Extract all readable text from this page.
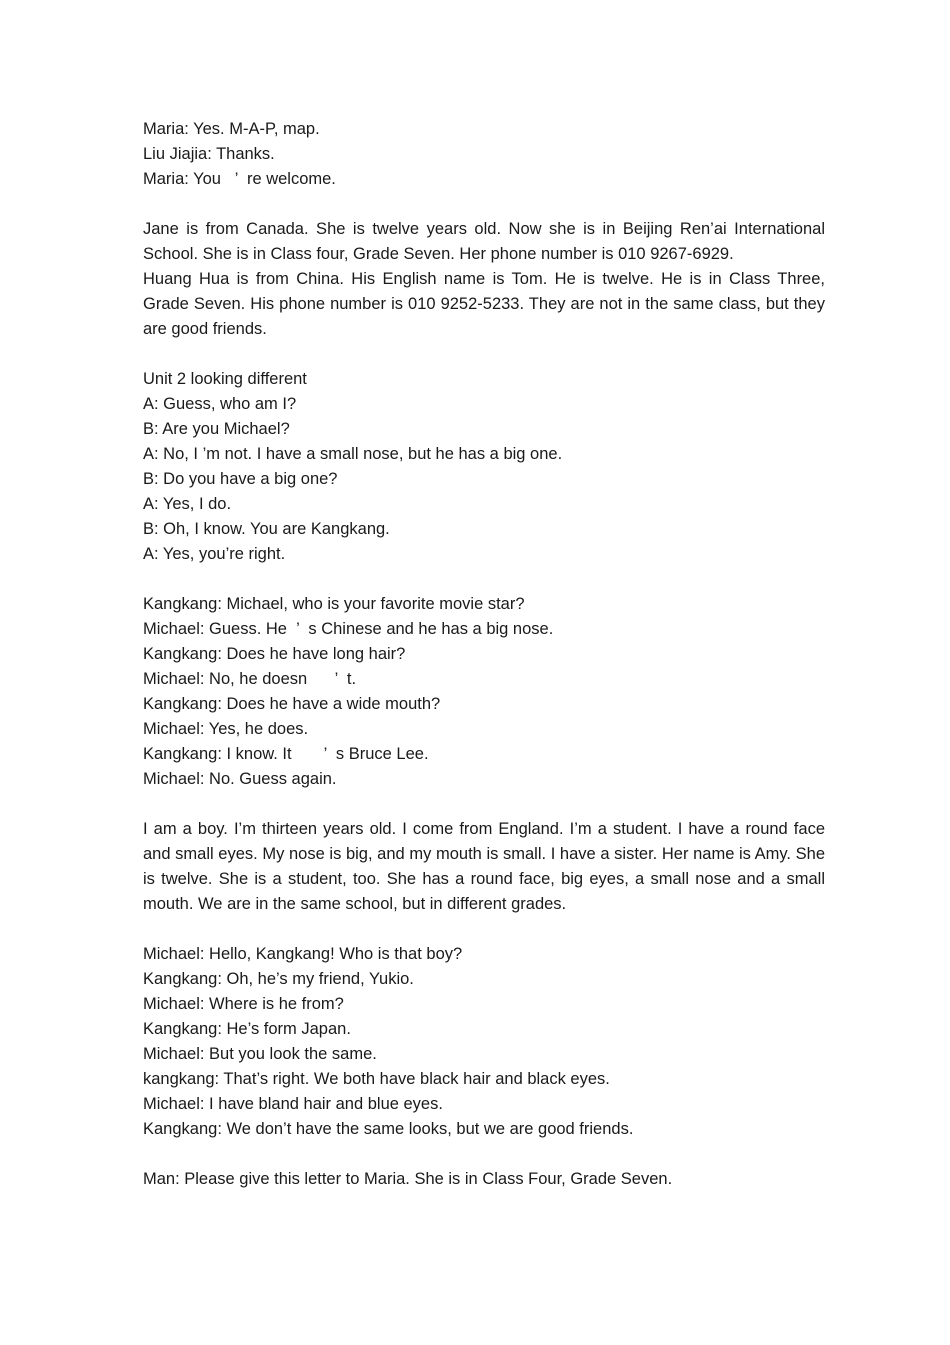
Maria: Yes. M-A-P, map.

Liu Jiajia: Thanks.

Maria: You   ’  re welcome.

Jane is from Canada. She is twelve years old. Now she is in Beijing Ren’ai International School. She is in Class four, Grade Seven. Her phone number is 010 9267-6929.

Huang Hua is from China. His English name is Tom. He is twelve. He is in Class Three, Grade Seven. His phone number is 010 9252-5233. They are not in the same class, but they are good friends.

Unit 2 looking different

A: Guess, who am I?

B: Are you Michael?

A: No, I ’m not. I have a small nose, but he has a big one.

B: Do you have a big one?

A: Yes, I do.

B: Oh, I know. You are Kangkang.

A: Yes, you’re right.

Kangkang: Michael, who is your favorite movie star?

Michael: Guess. He  ’  s Chinese and he has a big nose.

Kangkang: Does he have long hair?

Michael: No, he doesn      ’  t.

Kangkang: Does he have a wide mouth?

Michael: Yes, he does.

Kangkang: I know. It       ’  s Bruce Lee.

Michael: No. Guess again.

I am a boy. I’m thirteen years old. I come from England. I’m a student. I have a round face and small eyes. My nose is big, and my mouth is small. I have a sister. Her name is Amy. She is twelve. She is a student, too. She has a round face, big eyes, a small nose and a small mouth. We are in the same school, but in different grades.

Michael: Hello, Kangkang! Who is that boy?

Kangkang: Oh, he’s my friend, Yukio.

Michael: Where is he from?

Kangkang: He’s form Japan.

Michael: But you look the same.

kangkang: That’s right. We both have black hair and black eyes.

Michael: I have bland hair and blue eyes.

Kangkang: We don’t have the same looks, but we are good friends.

Man: Please give this letter to Maria. She is in Class Four, Grade Seven.
